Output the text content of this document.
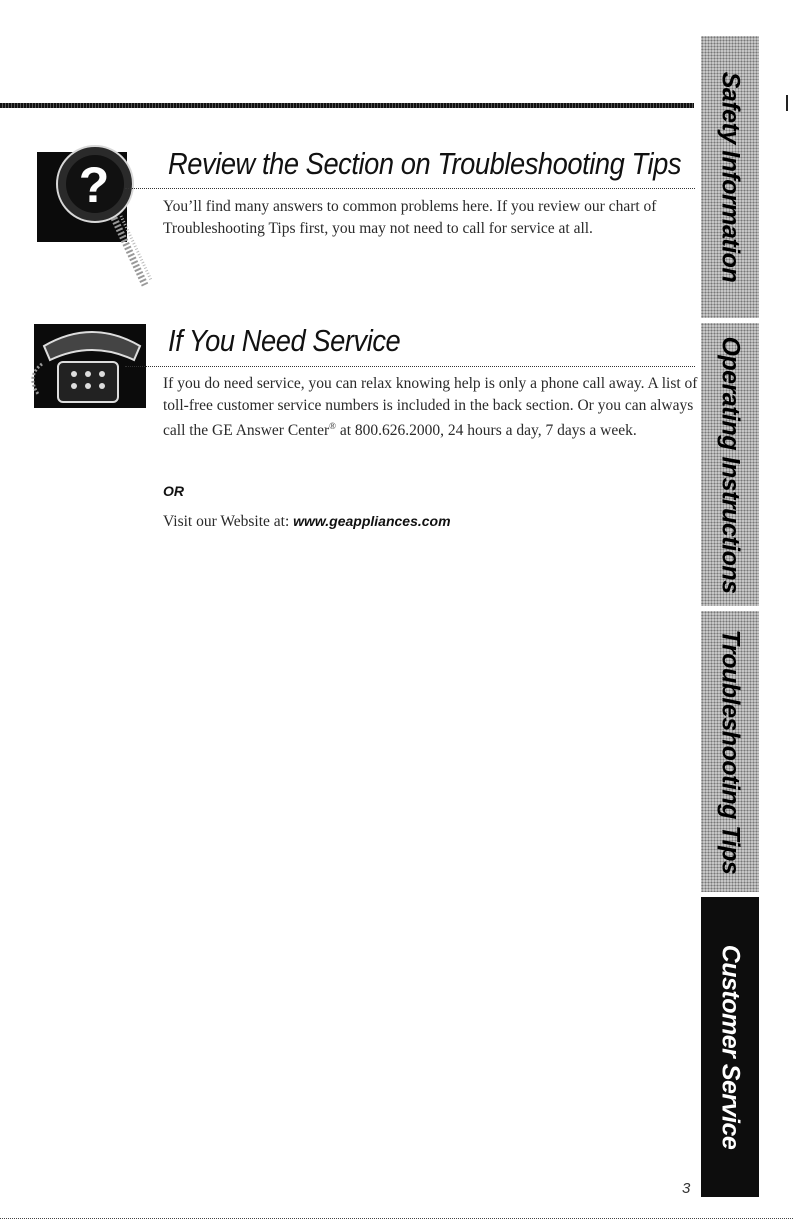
Safety Information
Operating Instructions
Troubleshooting Tips
Customer Service
? Review the Section on Troubleshooting Tips

You’ll find many answers to common problems here. If you review our chart of Troubleshooting Tips first, you may not need to call for service at all.

If You Need Service

If you do need service, you can relax knowing help is only a phone call away. A list of toll-free customer service numbers is included in the back section. Or you can always call the GE Answer Center® at 800.626.2000, 24 hours a day, 7 days a week.

OR

Visit our Website at: www.geappliances.com

3
